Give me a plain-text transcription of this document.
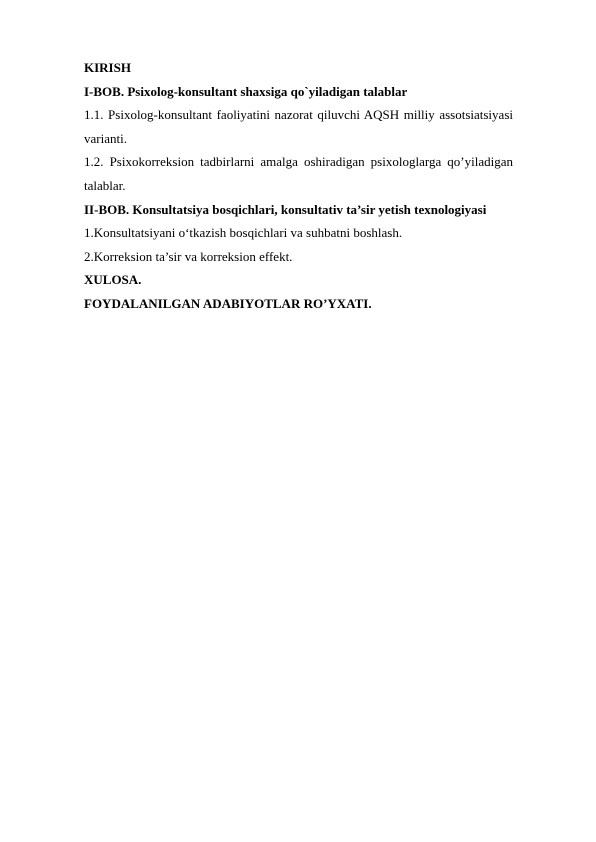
KIRISH

I-BOB. Psixolog-konsultant shaxsiga qo`yiladigan talablar

1.1. Psixolog-konsultant faoliyatini nazorat qiluvchi AQSH milliy assotsiatsiyasi varianti.

1.2. Psixokorreksion tadbirlarni amalga oshiradigan psixologlarga qo’yiladigan talablar.

II-BOB. Konsultatsiya bosqichlari, konsultativ ta’sir yetish texnologiyasi

1.Konsultatsiyani o‘tkazish bosqichlari va suhbatni boshlash.

2.Korreksion ta’sir va korreksion effekt.

XULOSA.

FOYDALANILGAN ADABIYOTLAR RO’YXATI.
